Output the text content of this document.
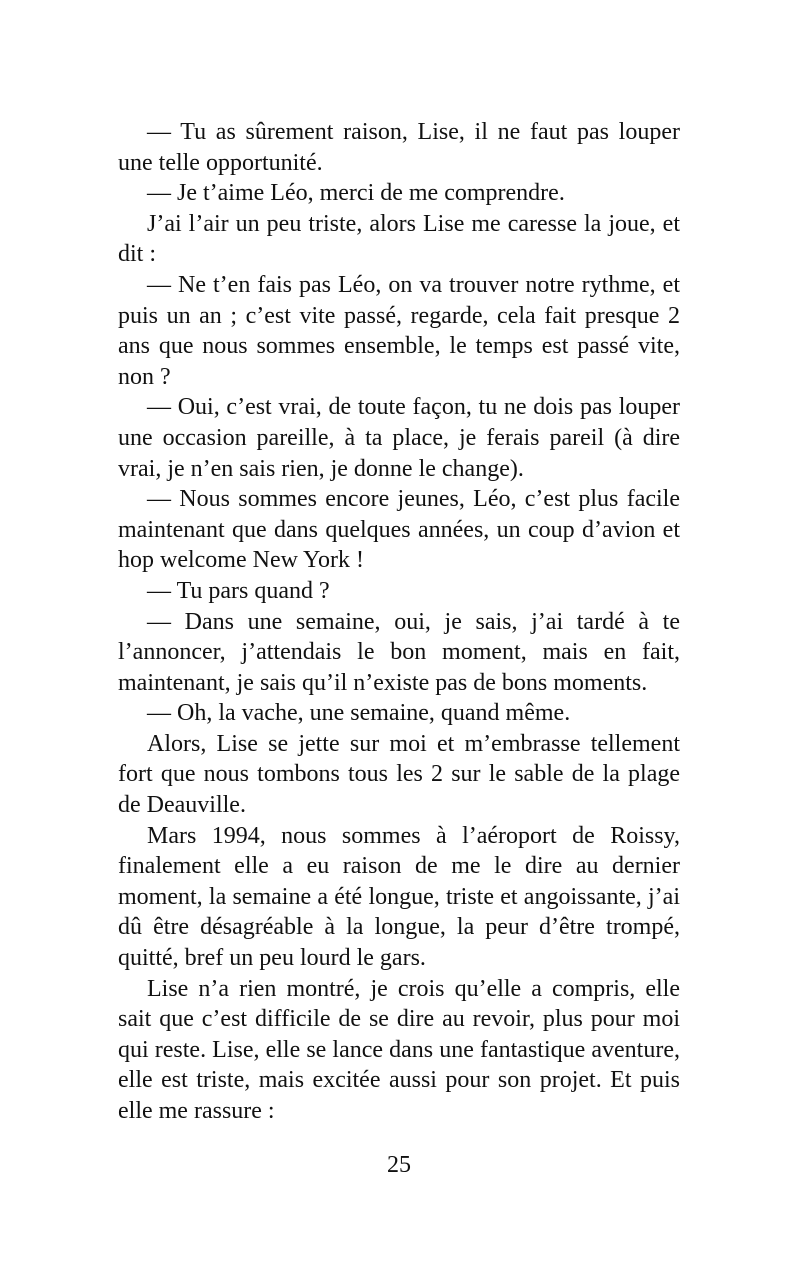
— Tu as sûrement raison, Lise, il ne faut pas louper une telle opportunité.

— Je t’aime Léo, merci de me comprendre.

J’ai l’air un peu triste, alors Lise me caresse la joue, et dit :

— Ne t’en fais pas Léo, on va trouver notre rythme, et puis un an ; c’est vite passé, regarde, cela fait presque 2 ans que nous sommes ensemble, le temps est passé vite, non ?

— Oui, c’est vrai, de toute façon, tu ne dois pas louper une occasion pareille, à ta place, je ferais pareil (à dire vrai, je n’en sais rien, je donne le change).

— Nous sommes encore jeunes, Léo, c’est plus facile maintenant que dans quelques années, un coup d’avion et hop welcome New York !

— Tu pars quand ?

— Dans une semaine, oui, je sais, j’ai tardé à te l’annoncer, j’attendais le bon moment, mais en fait, maintenant, je sais qu’il n’existe pas de bons moments.

— Oh, la vache, une semaine, quand même.

Alors, Lise se jette sur moi et m’embrasse tellement fort que nous tombons tous les 2 sur le sable de la plage de Deauville.

Mars 1994, nous sommes à l’aéroport de Roissy, finalement elle a eu raison de me le dire au dernier moment, la semaine a été longue, triste et angoissante, j’ai dû être désagréable à la longue, la peur d’être trompé, quitté, bref un peu lourd le gars.

Lise n’a rien montré, je crois qu’elle a compris, elle sait que c’est difficile de se dire au revoir, plus pour moi qui reste. Lise, elle se lance dans une fantastique aventure, elle est triste, mais excitée aussi pour son projet. Et puis elle me rassure :

25
